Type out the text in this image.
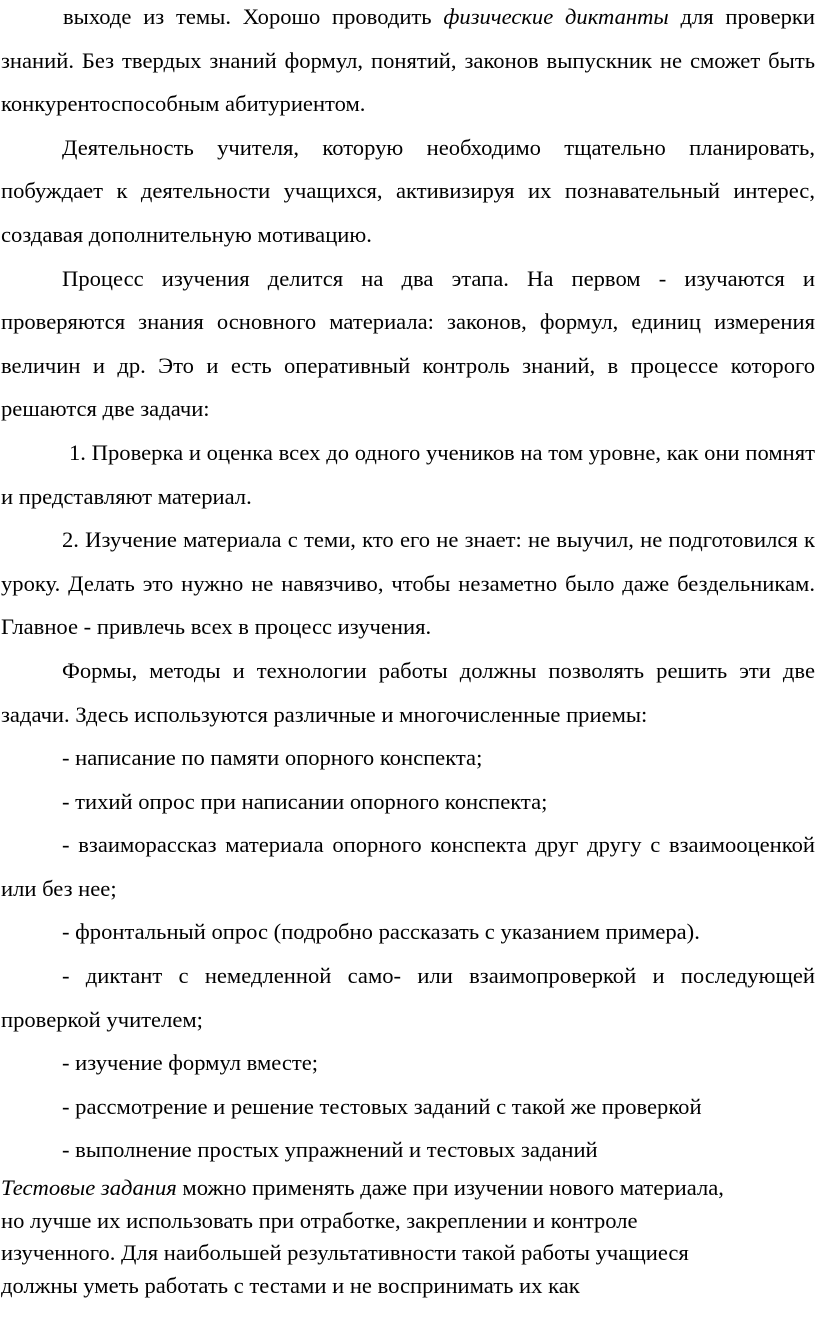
выходе из темы. Хорошо проводить физические диктанты для проверки знаний. Без твердых знаний формул, понятий, законов выпускник не сможет быть конкурентоспособным абитуриентом.

Деятельность учителя, которую необходимо тщательно планировать, побуждает к деятельности учащихся, активизируя их познавательный интерес, создавая дополнительную мотивацию.

Процесс изучения делится на два этапа. На первом - изучаются и проверяются знания основного материала: законов, формул, единиц измерения величин и др. Это и есть оперативный контроль знаний, в процессе которого решаются две задачи:

1. Проверка и оценка всех до одного учеников на том уровне, как они помнят и представляют материал.

2. Изучение материала с теми, кто его не знает: не выучил, не подготовился к уроку. Делать это нужно не навязчиво, чтобы незаметно было даже бездельникам. Главное - привлечь всех в процесс изучения.

Формы, методы и технологии работы должны позволять решить эти две задачи. Здесь используются различные и многочисленные приемы:

- написание по памяти опорного конспекта;

- тихий опрос при написании опорного конспекта;

- взаиморассказ материала опорного конспекта друг другу с взаимооценкой или без нее;

- фронтальный опрос (подробно рассказать с указанием примера).

- диктант с немедленной само- или взаимопроверкой и последующей проверкой учителем;

- изучение формул вместе;

- рассмотрение и решение тестовых заданий с такой же проверкой

- выполнение простых упражнений и тестовых заданий

Тестовые задания можно применять даже при изучении нового материала,
но лучше их использовать при отработке, закреплении и контроле
изученного. Для наибольшей результативности такой работы учащиеся
должны уметь работать с тестами и не воспринимать их как
